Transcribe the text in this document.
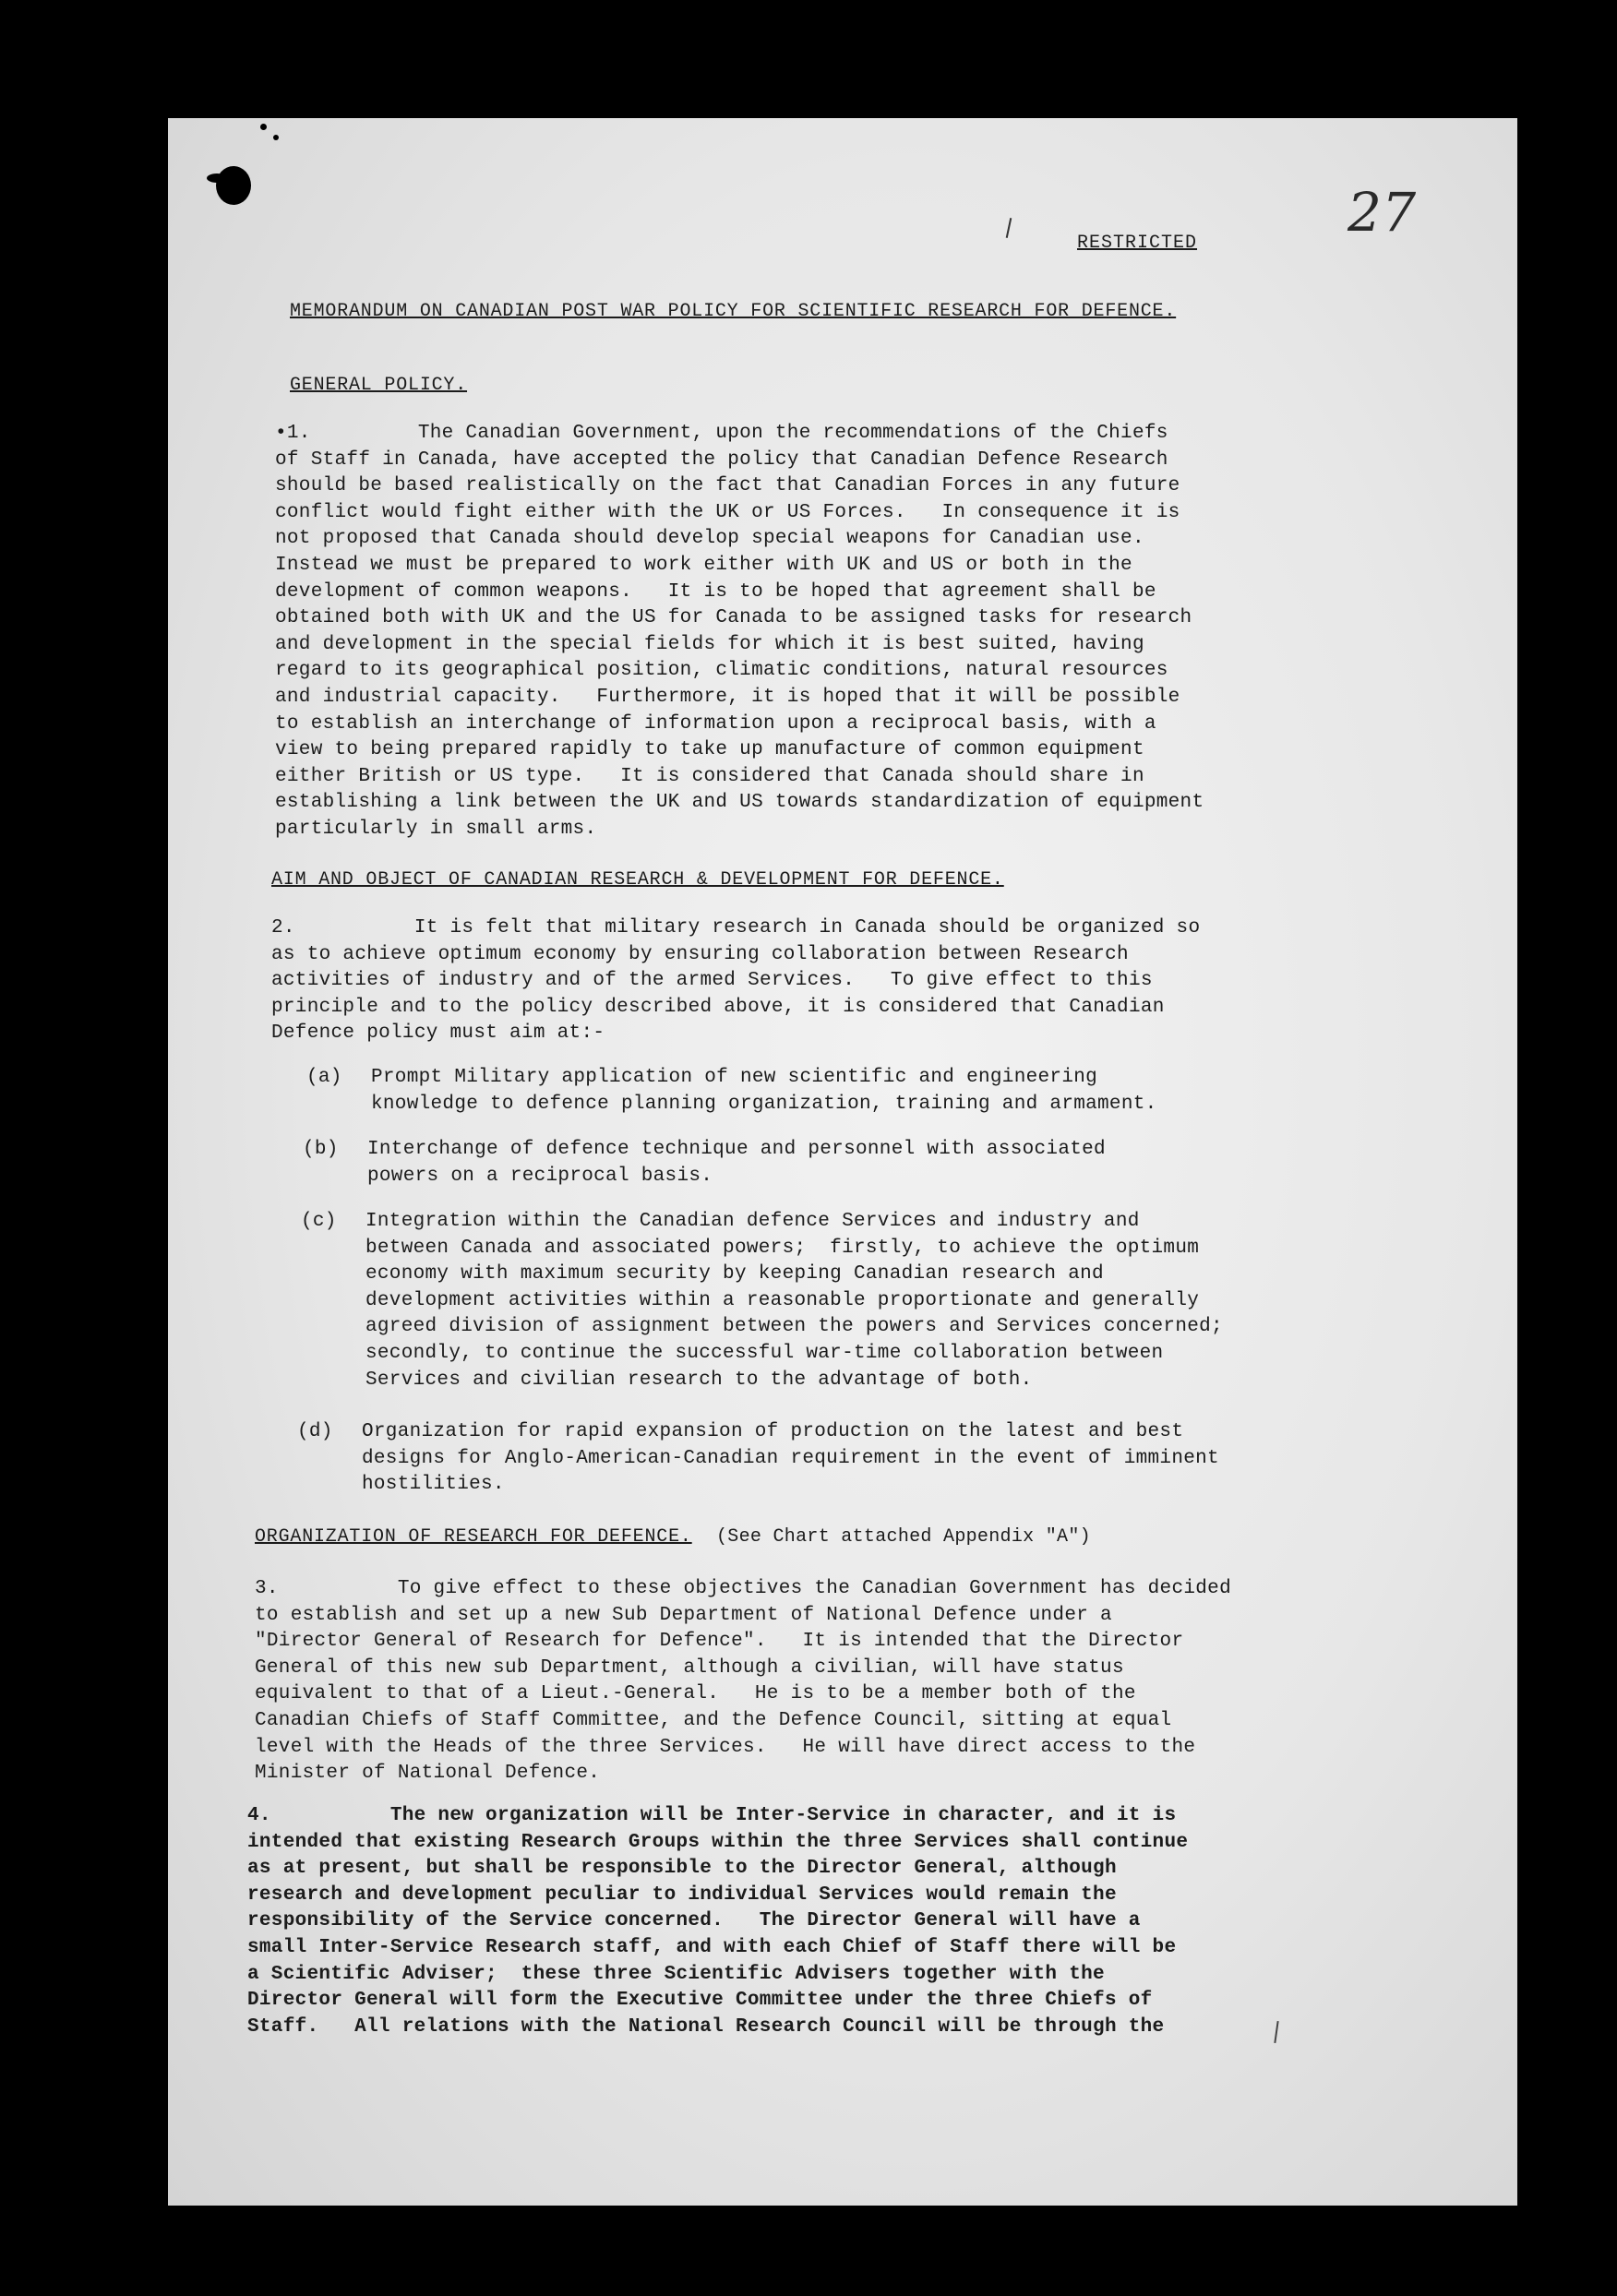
RESTRICTED	27
MEMORANDUM ON CANADIAN POST WAR POLICY FOR SCIENTIFIC RESEARCH FOR DEFENCE.
GENERAL POLICY.
•1.         The Canadian Government, upon the recommendations of the Chiefs
of Staff in Canada, have accepted the policy that Canadian Defence Research
should be based realistically on the fact that Canadian Forces in any future
conflict would fight either with the UK or US Forces.   In consequence it is
not proposed that Canada should develop special weapons for Canadian use.
Instead we must be prepared to work either with UK and US or both in the
development of common weapons.   It is to be hoped that agreement shall be
obtained both with UK and the US for Canada to be assigned tasks for research
and development in the special fields for which it is best suited, having
regard to its geographical position, climatic conditions, natural resources
and industrial capacity.   Furthermore, it is hoped that it will be possible
to establish an interchange of information upon a reciprocal basis, with a
view to being prepared rapidly to take up manufacture of common equipment
either British or US type.   It is considered that Canada should share in
establishing a link between the UK and US towards standardization of equipment
particularly in small arms.
AIM AND OBJECT OF CANADIAN RESEARCH & DEVELOPMENT FOR DEFENCE.
2.          It is felt that military research in Canada should be organized so
as to achieve optimum economy by ensuring collaboration between Research
activities of industry and of the armed Services.   To give effect to this
principle and to the policy described above, it is considered that Canadian
Defence policy must aim at:-
(a)	Prompt Military application of new scientific and engineering
knowledge to defence planning organization, training and armament.
(b)	Interchange of defence technique and personnel with associated
powers on a reciprocal basis.
(c)	Integration within the Canadian defence Services and industry and
between Canada and associated powers;  firstly, to achieve the optimum
economy with maximum security by keeping Canadian research and
development activities within a reasonable proportionate and generally
agreed division of assignment between the powers and Services concerned;
secondly, to continue the successful war-time collaboration between
Services and civilian research to the advantage of both.
(d)	Organization for rapid expansion of production on the latest and best
designs for Anglo-American-Canadian requirement in the event of imminent
hostilities.
ORGANIZATION OF RESEARCH FOR DEFENCE. (See Chart attached Appendix "A")
3.          To give effect to these objectives the Canadian Government has decided
to establish and set up a new Sub Department of National Defence under a
"Director General of Research for Defence".   It is intended that the Director
General of this new sub Department, although a civilian, will have status
equivalent to that of a Lieut.-General.   He is to be a member both of the
Canadian Chiefs of Staff Committee, and the Defence Council, sitting at equal
level with the Heads of the three Services.   He will have direct access to the
Minister of National Defence.
4.          The new organization will be Inter-Service in character, and it is
intended that existing Research Groups within the three Services shall continue
as at present, but shall be responsible to the Director General, although
research and development peculiar to individual Services would remain the
responsibility of the Service concerned.   The Director General will have a
small Inter-Service Research staff, and with each Chief of Staff there will be
a Scientific Adviser;  these three Scientific Advisers together with the
Director General will form the Executive Committee under the three Chiefs of
Staff.   All relations with the National Research Council will be through the
